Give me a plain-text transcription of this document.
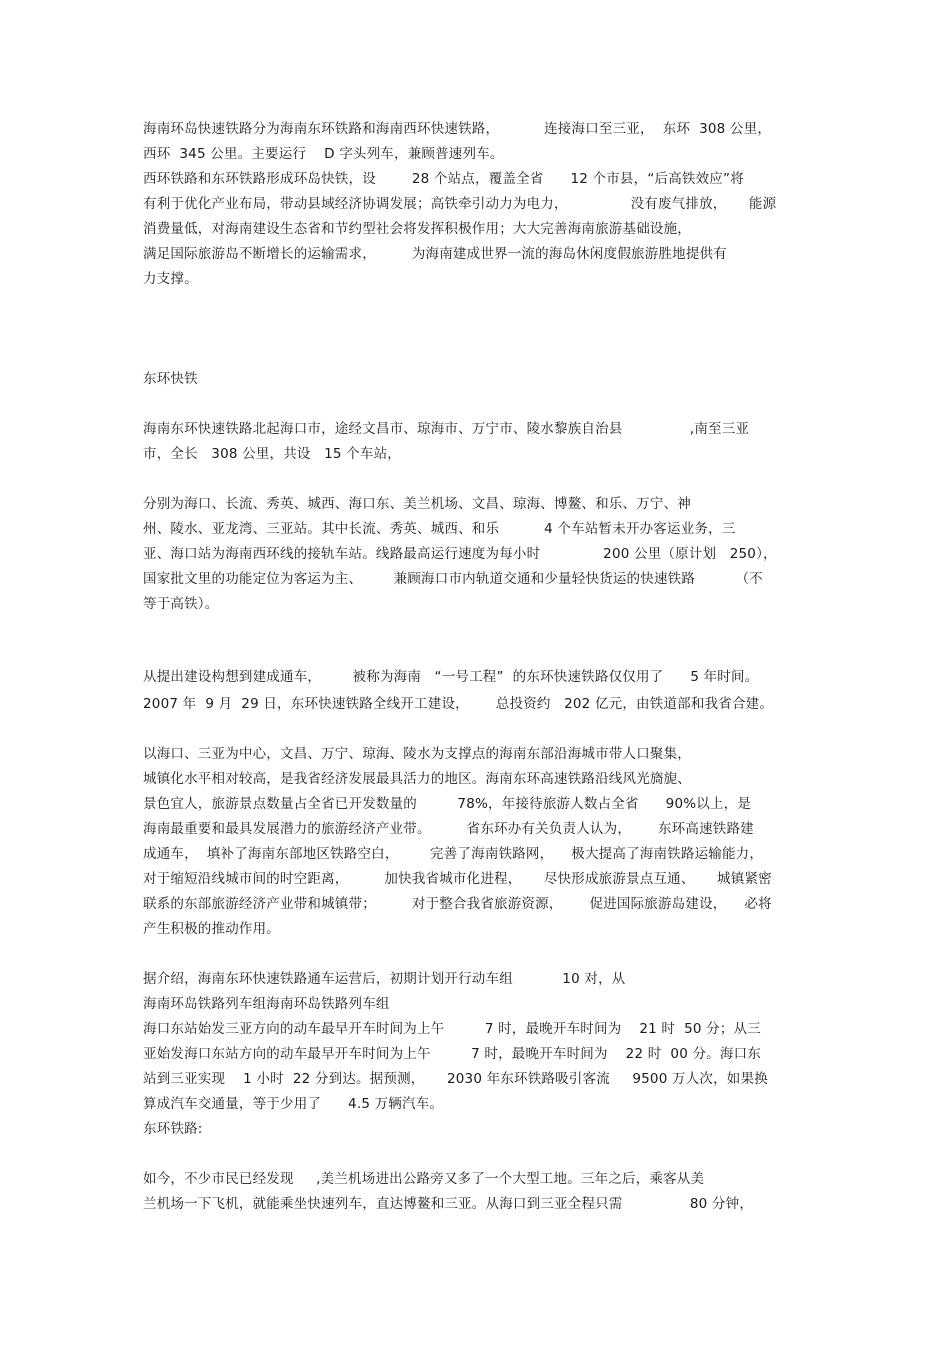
海南环岛快速铁路分为海南东环铁路和海南西环快速铁路，          连接海口至三亚，  东环  308 公里，
西环  345 公里。主要运行    D 字头列车，兼顾普速列车。
西环铁路和东环铁路形成环岛快铁，设        28 个站点，覆盖全省      12 个市县，“后高铁效应”将
有利于优化产业布局，带动县域经济协调发展；高铁牵引动力为电力，              没有废气排放，     能源
消费量低，对海南建设生态省和节约型社会将发挥积极作用；大大完善海南旅游基础设施，
满足国际旅游岛不断增长的运输需求，        为海南建成世界一流的海岛休闲度假旅游胜地提供有
力支撑。
东环快铁
海南东环快速铁路北起海口市，途经文昌市、琼海市、万宁市、陵水黎族自治县               ,南至三亚
市，全长   308 公里，共设   15 个车站，
分别为海口、长流、秀英、城西、海口东、美兰机场、文昌、琼海、博鳌、和乐、万宁、神
州、陵水、亚龙湾、三亚站。其中长流、秀英、城西、和乐          4 个车站暂未开办客运业务，三
亚、海口站为海南西环线的接轨车站。线路最高运行速度为每小时              200 公里（原计划   250），
国家批文里的功能定位为客运为主、       兼顾海口市内轨道交通和少量轻快货运的快速铁路         （不
等于高铁）。
从提出建设构想到建成通车，       被称为海南   “一号工程”  的东环快速铁路仅仅用了      5 年时间。
2007 年  9 月  29 日，东环快速铁路全线开工建设，      总投资约   202 亿元，由铁道部和我省合建。
以海口、三亚为中心，文昌、万宁、琼海、陵水为支撑点的海南东部沿海城市带人口聚集，
城镇化水平相对较高，是我省经济发展最具活力的地区。海南东环高速铁路沿线风光旖旎、
景色宜人，旅游景点数量占全省已开发数量的         78%，年接待旅游人数占全省      90%以上，是
海南最重要和最具发展潜力的旅游经济产业带。        省东环办有关负责人认为，      东环高速铁路建
成通车，  填补了海南东部地区铁路空白，       完善了海南铁路网，    极大提高了海南铁路运输能力，
对于缩短沿线城市间的时空距离，        加快我省城市化进程，     尽快形成旅游景点互通、     城镇紧密
联系的东部旅游经济产业带和城镇带；        对于整合我省旅游资源，      促进国际旅游岛建设，    必将
产生积极的推动作用。
据介绍，海南东环快速铁路通车运营后，初期计划开行动车组           10 对，从
海南环岛铁路列车组海南环岛铁路列车组
海口东站始发三亚方向的动车最早开车时间为上午         7 时，最晚开车时间为    21 时  50 分；从三
亚始发海口东站方向的动车最早开车时间为上午         7 时，最晚开车时间为    22 时  00 分。海口东
站到三亚实现    1 小时  22 分到达。据预测，     2030 年东环铁路吸引客流     9500 万人次，如果换
算成汽车交通量，等于少用了      4.5 万辆汽车。
东环铁路:
如今，不少市民已经发现     ,美兰机场进出公路旁又多了一个大型工地。三年之后，乘客从美
兰机场一下飞机，就能乘坐快速列车，直达博鳌和三亚。从海口到三亚全程只需               80 分钟，
